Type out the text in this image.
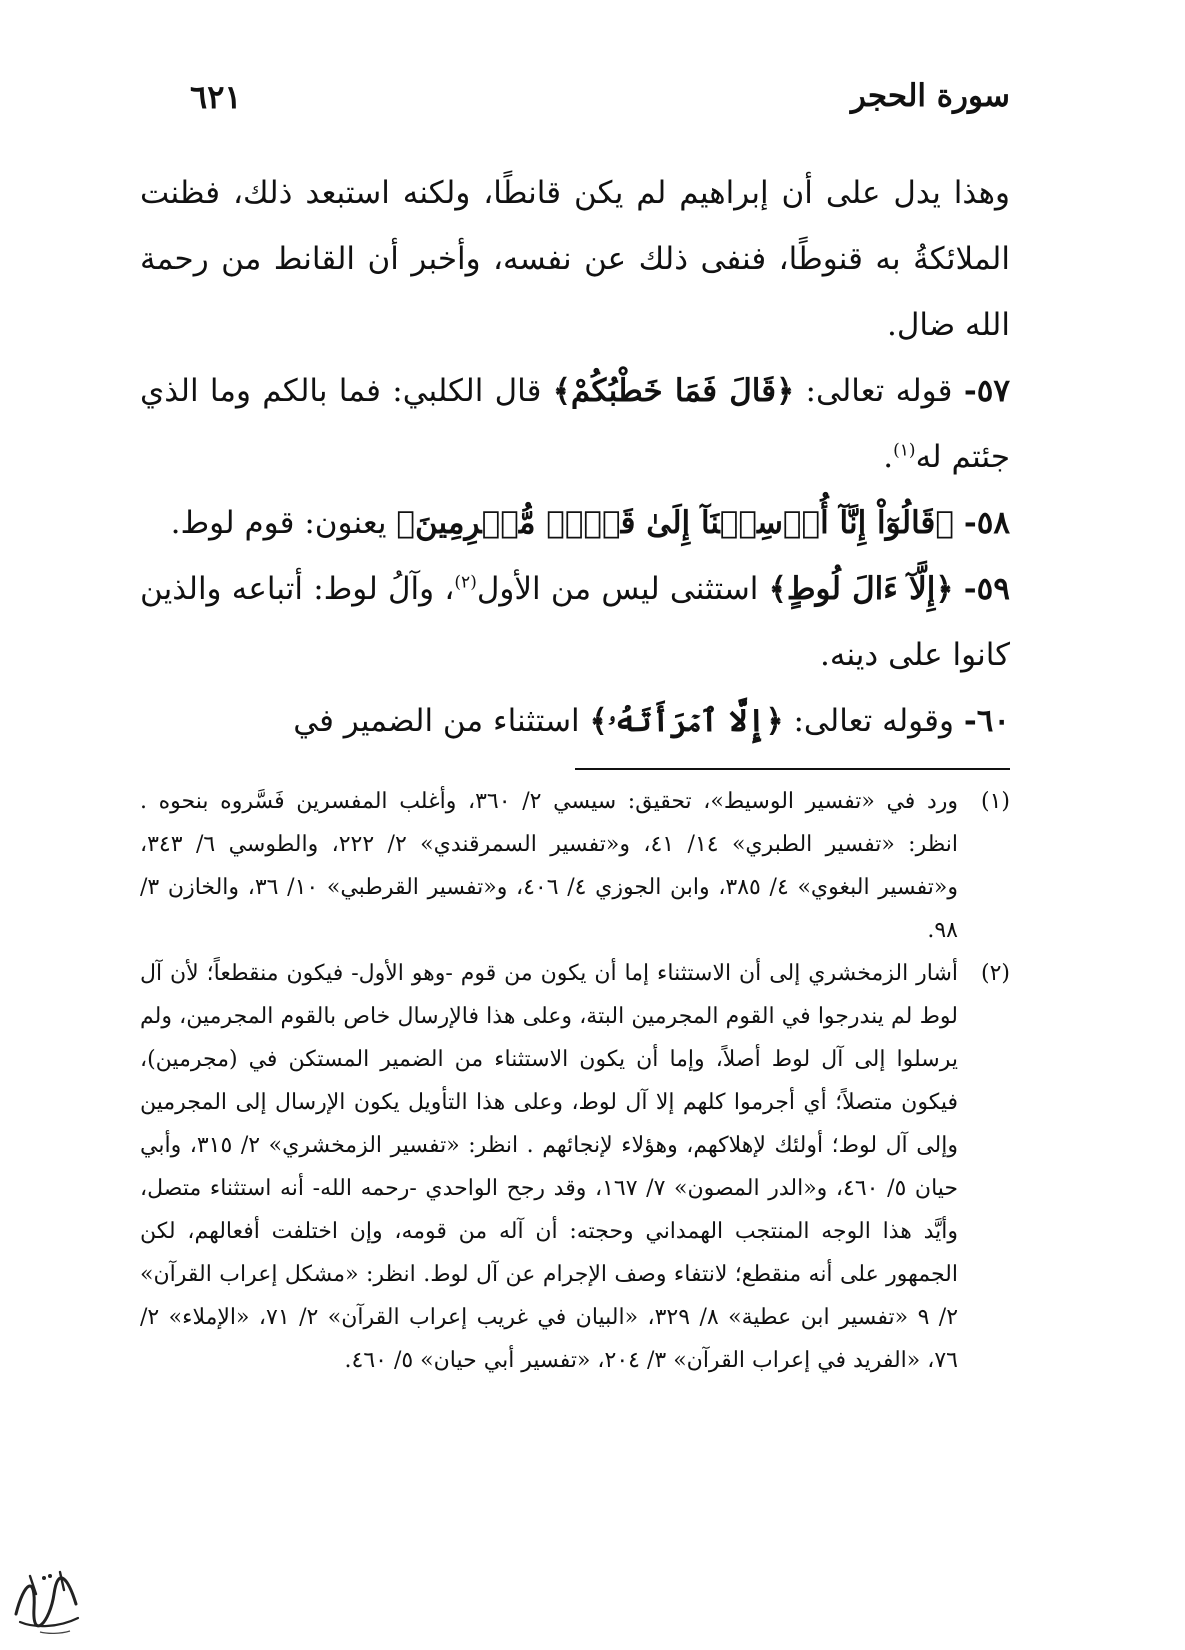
سورة الحجر
٦٢١

وهذا يدل على أن إبراهيم لم يكن قانطًا، ولكنه استبعد ذلك، فظنت الملائكةُ به قنوطًا، فنفى ذلك عن نفسه، وأخبر أن القانط من رحمة الله ضال.

٥٧- قوله تعالى: ﴿قَالَ فَمَا خَطْبُكُمْ﴾ قال الكلبي: فما بالكم وما الذي جئتم له$^{(١)}$.

٥٨- ﴿قَالُوٓاْ إِنَّآ أُرۡسِلۡنَآ إِلَىٰ قَوۡمٖ مُّجۡرِمِينَ﴾ يعنون: قوم لوط.

٥٩- ﴿إِلَّآ ءَالَ لُوطٍ﴾ استثنى ليس من الأول$^{(٢)}$، وآلُ لوط: أتباعه والذين كانوا على دينه.

٦٠- وقوله تعالى: ﴿إِلَّا ٱمۡرَأَتَهُۥ﴾ استثناء من الضمير في

(١)
ورد في «تفسير الوسيط»، تحقيق: سيسي ٢/ ٣٦٠، وأغلب المفسرين فَسَّروه بنحوه . انظر: «تفسير الطبري» ١٤/ ٤١، و«تفسير السمرقندي» ٢/ ٢٢٢، والطوسي ٦/ ٣٤٣، و«تفسير البغوي» ٤/ ٣٨٥، وابن الجوزي ٤/ ٤٠٦، و«تفسير القرطبي» ١٠/ ٣٦، والخازن ٣/ ٩٨.

(٢)
أشار الزمخشري إلى أن الاستثناء إما أن يكون من قوم -وهو الأول- فيكون منقطعاً؛ لأن آل لوط لم يندرجوا في القوم المجرمين البتة، وعلى هذا فالإرسال خاص بالقوم المجرمين، ولم يرسلوا إلى آل لوط أصلاً، وإما أن يكون الاستثناء من الضمير المستكن في (مجرمين)، فيكون متصلاً؛ أي أجرموا كلهم إلا آل لوط، وعلى هذا التأويل يكون الإرسال إلى المجرمين وإلى آل لوط؛ أولئك لإهلاكهم، وهؤلاء لإنجائهم . انظر: «تفسير الزمخشري» ٢/ ٣١٥، وأبي حيان ٥/ ٤٦٠، و«الدر المصون» ٧/ ١٦٧، وقد رجح الواحدي -رحمه الله- أنه استثناء متصل، وأيَّد هذا الوجه المنتجب الهمداني وحجته: أن آله من قومه، وإن اختلفت أفعالهم، لكن الجمهور على أنه منقطع؛ لانتفاء وصف الإجرام عن آل لوط. انظر: «مشكل إعراب القرآن» ٢/ ٩ «تفسير ابن عطية» ٨/ ٣٢٩، «البيان في غريب إعراب القرآن» ٢/ ٧١، «الإملاء» ٢/ ٧٦، «الفريد في إعراب القرآن» ٣/ ٢٠٤، «تفسير أبي حيان» ٥/ ٤٦٠.
